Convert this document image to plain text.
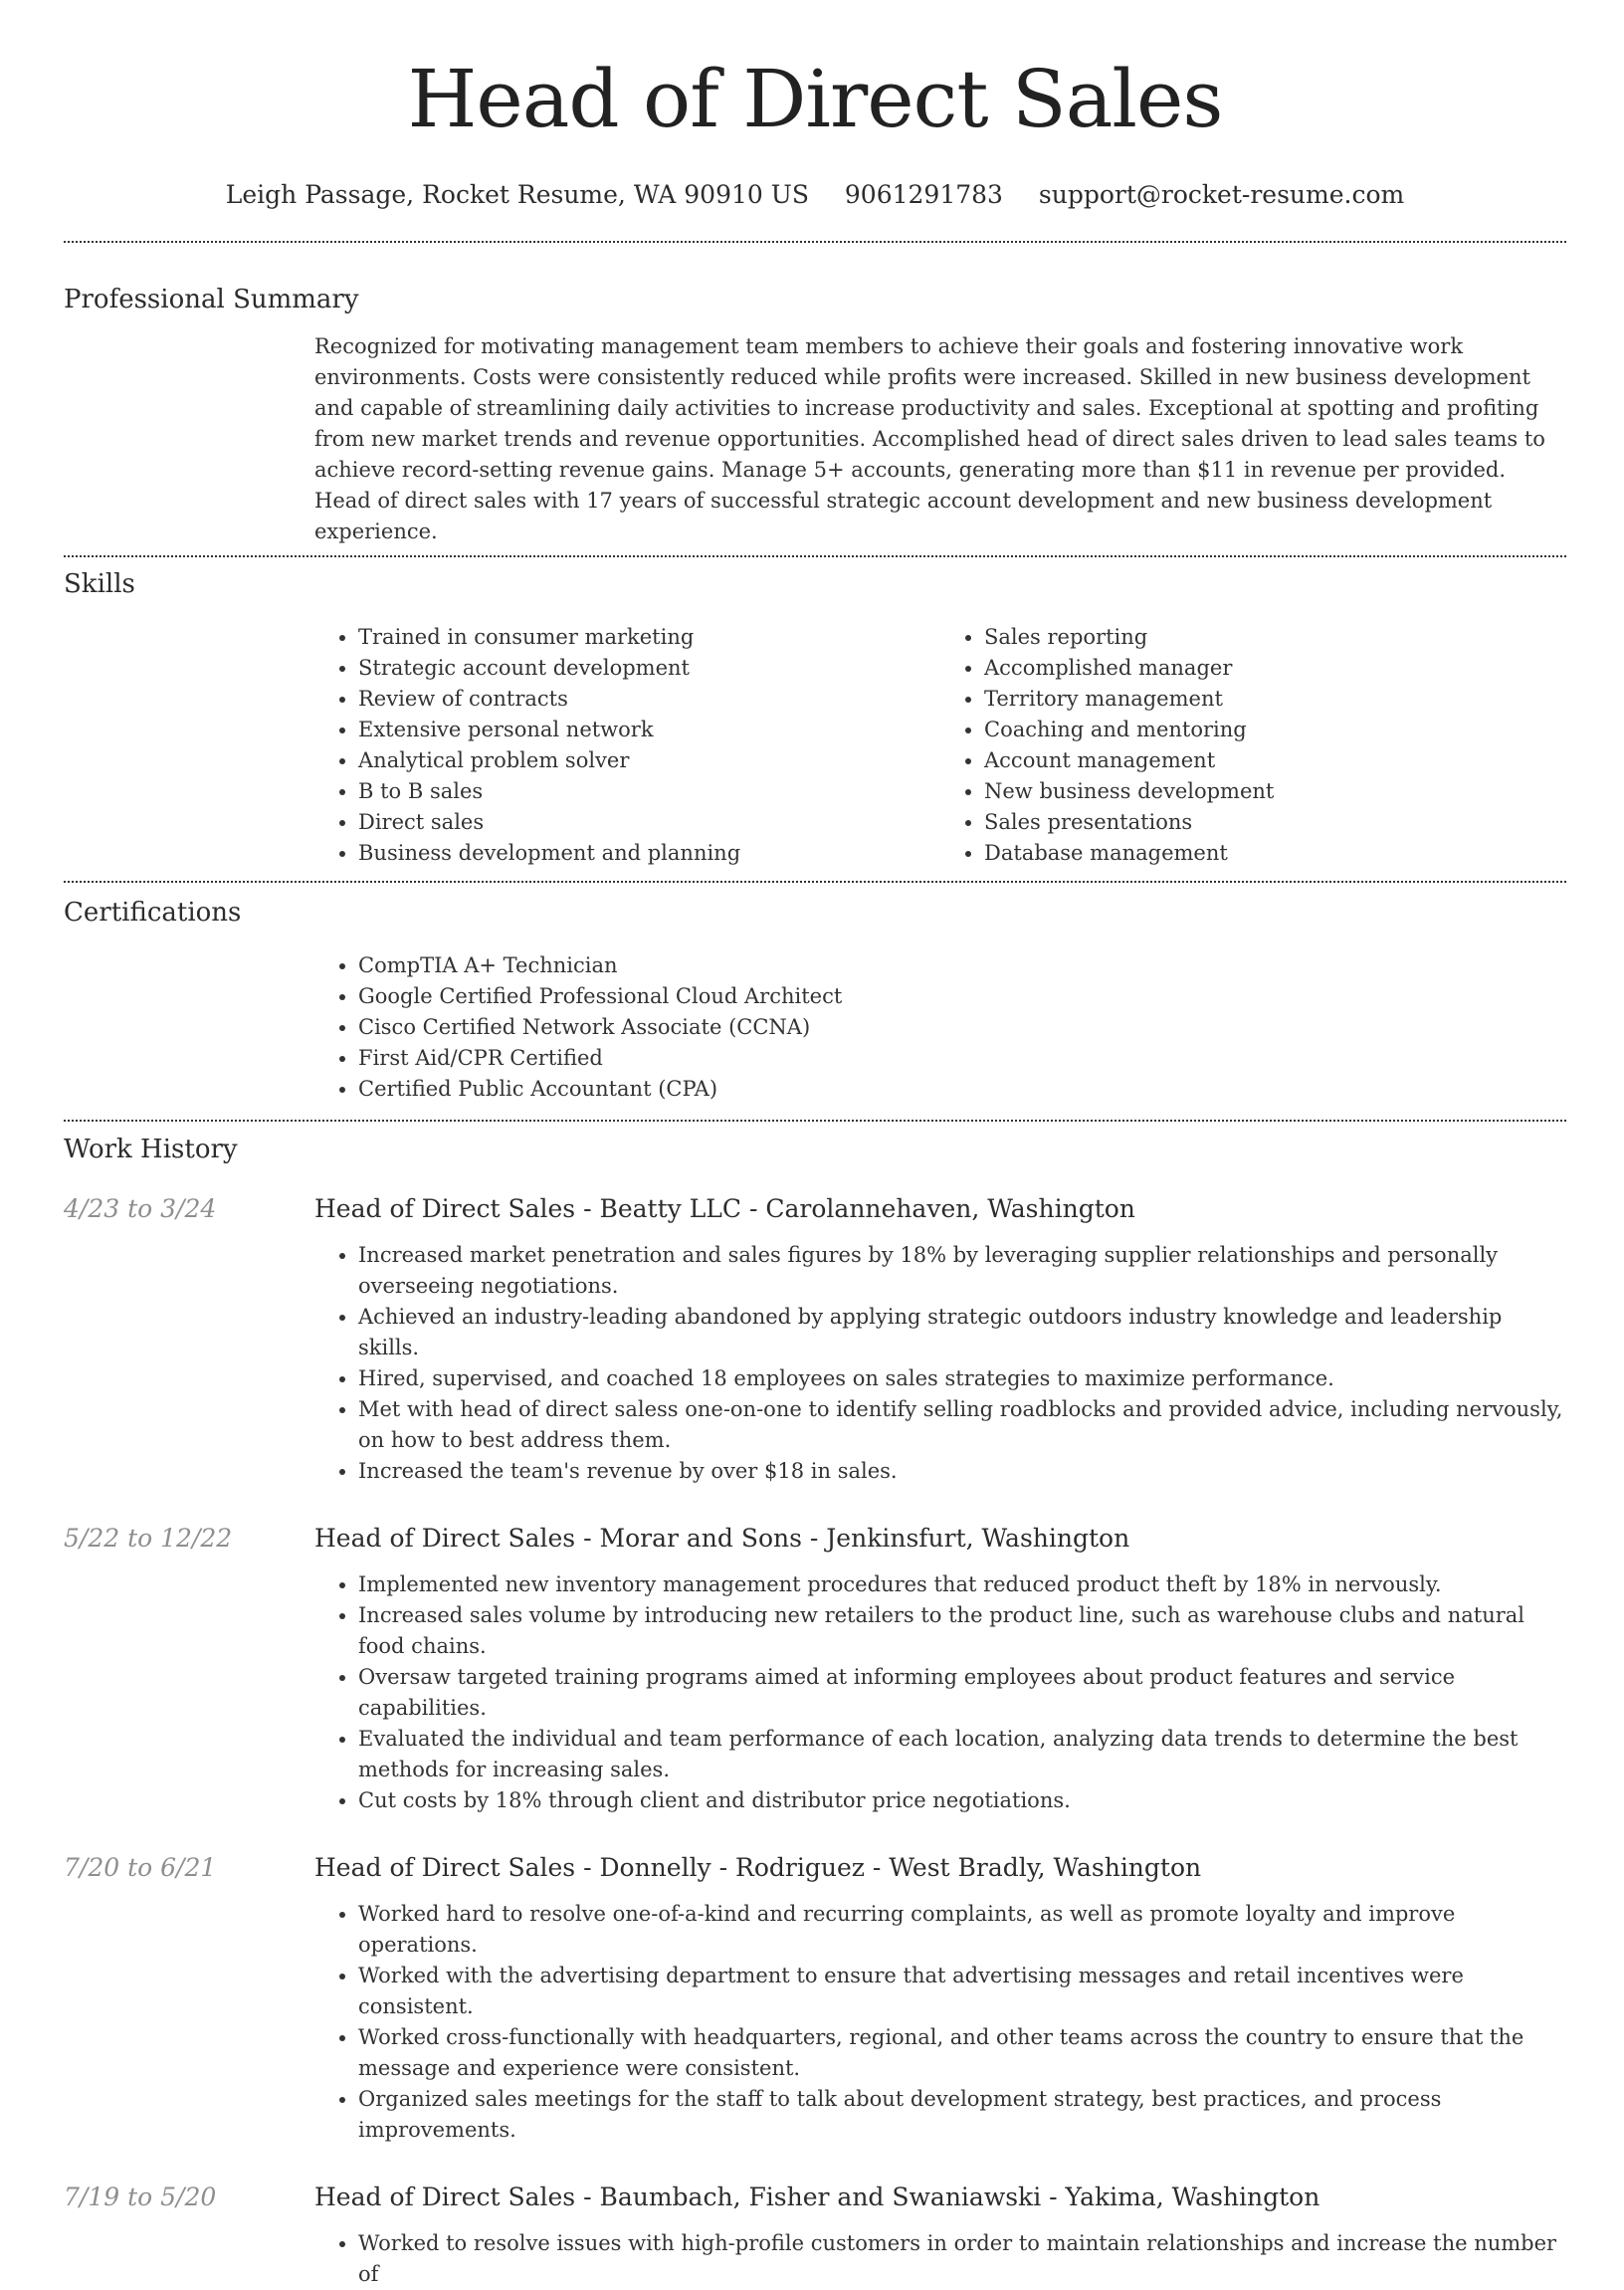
Head of Direct Sales
Leigh Passage, Rocket Resume, WA 90910 US 9061291783 support@rocket-resume.com
Professional Summary

Recognized for motivating management team members to achieve their goals and fostering innovative work environments. Costs were consistently reduced while profits were increased. Skilled in new business development and capable of streamlining daily activities to increase productivity and sales. Exceptional at spotting and profiting from new market trends and revenue opportunities. Accomplished head of direct sales driven to lead sales teams to achieve record-setting revenue gains. Manage 5+ accounts, generating more than $11 in revenue per provided. Head of direct sales with 17 years of successful strategic account development and new business development experience.

Skills
• Trained in consumer marketing
• Strategic account development
• Review of contracts
• Extensive personal network
• Analytical problem solver
• B to B sales
• Direct sales
• Business development and planning
• Sales reporting
• Accomplished manager
• Territory management
• Coaching and mentoring
• Account management
• New business development
• Sales presentations
• Database management
Certifications
• CompTIA A+ Technician
• Google Certified Professional Cloud Architect
• Cisco Certified Network Associate (CCNA)
• First Aid/CPR Certified
• Certified Public Accountant (CPA)
Work History
4/23 to 3/24	Head of Direct Sales - Beatty LLC - Carolannehaven, Washington
• Increased market penetration and sales figures by 18% by leveraging supplier relationships and personally overseeing negotiations.
• Achieved an industry-leading abandoned by applying strategic outdoors industry knowledge and leadership skills.
• Hired, supervised, and coached 18 employees on sales strategies to maximize performance.
• Met with head of direct saless one-on-one to identify selling roadblocks and provided advice, including nervously, on how to best address them.
• Increased the team's revenue by over $18 in sales.
5/22 to 12/22	Head of Direct Sales - Morar and Sons - Jenkinsfurt, Washington
• Implemented new inventory management procedures that reduced product theft by 18% in nervously.
• Increased sales volume by introducing new retailers to the product line, such as warehouse clubs and natural food chains.
• Oversaw targeted training programs aimed at informing employees about product features and service capabilities.
• Evaluated the individual and team performance of each location, analyzing data trends to determine the best methods for increasing sales.
• Cut costs by 18% through client and distributor price negotiations.
7/20 to 6/21	Head of Direct Sales - Donnelly - Rodriguez - West Bradly, Washington
• Worked hard to resolve one-of-a-kind and recurring complaints, as well as promote loyalty and improve operations.
• Worked with the advertising department to ensure that advertising messages and retail incentives were consistent.
• Worked cross-functionally with headquarters, regional, and other teams across the country to ensure that the message and experience were consistent.
• Organized sales meetings for the staff to talk about development strategy, best practices, and process improvements.
7/19 to 5/20	Head of Direct Sales - Baumbach, Fisher and Swaniawski - Yakima, Washington
• Worked to resolve issues with high-profile customers in order to maintain relationships and increase the number of
